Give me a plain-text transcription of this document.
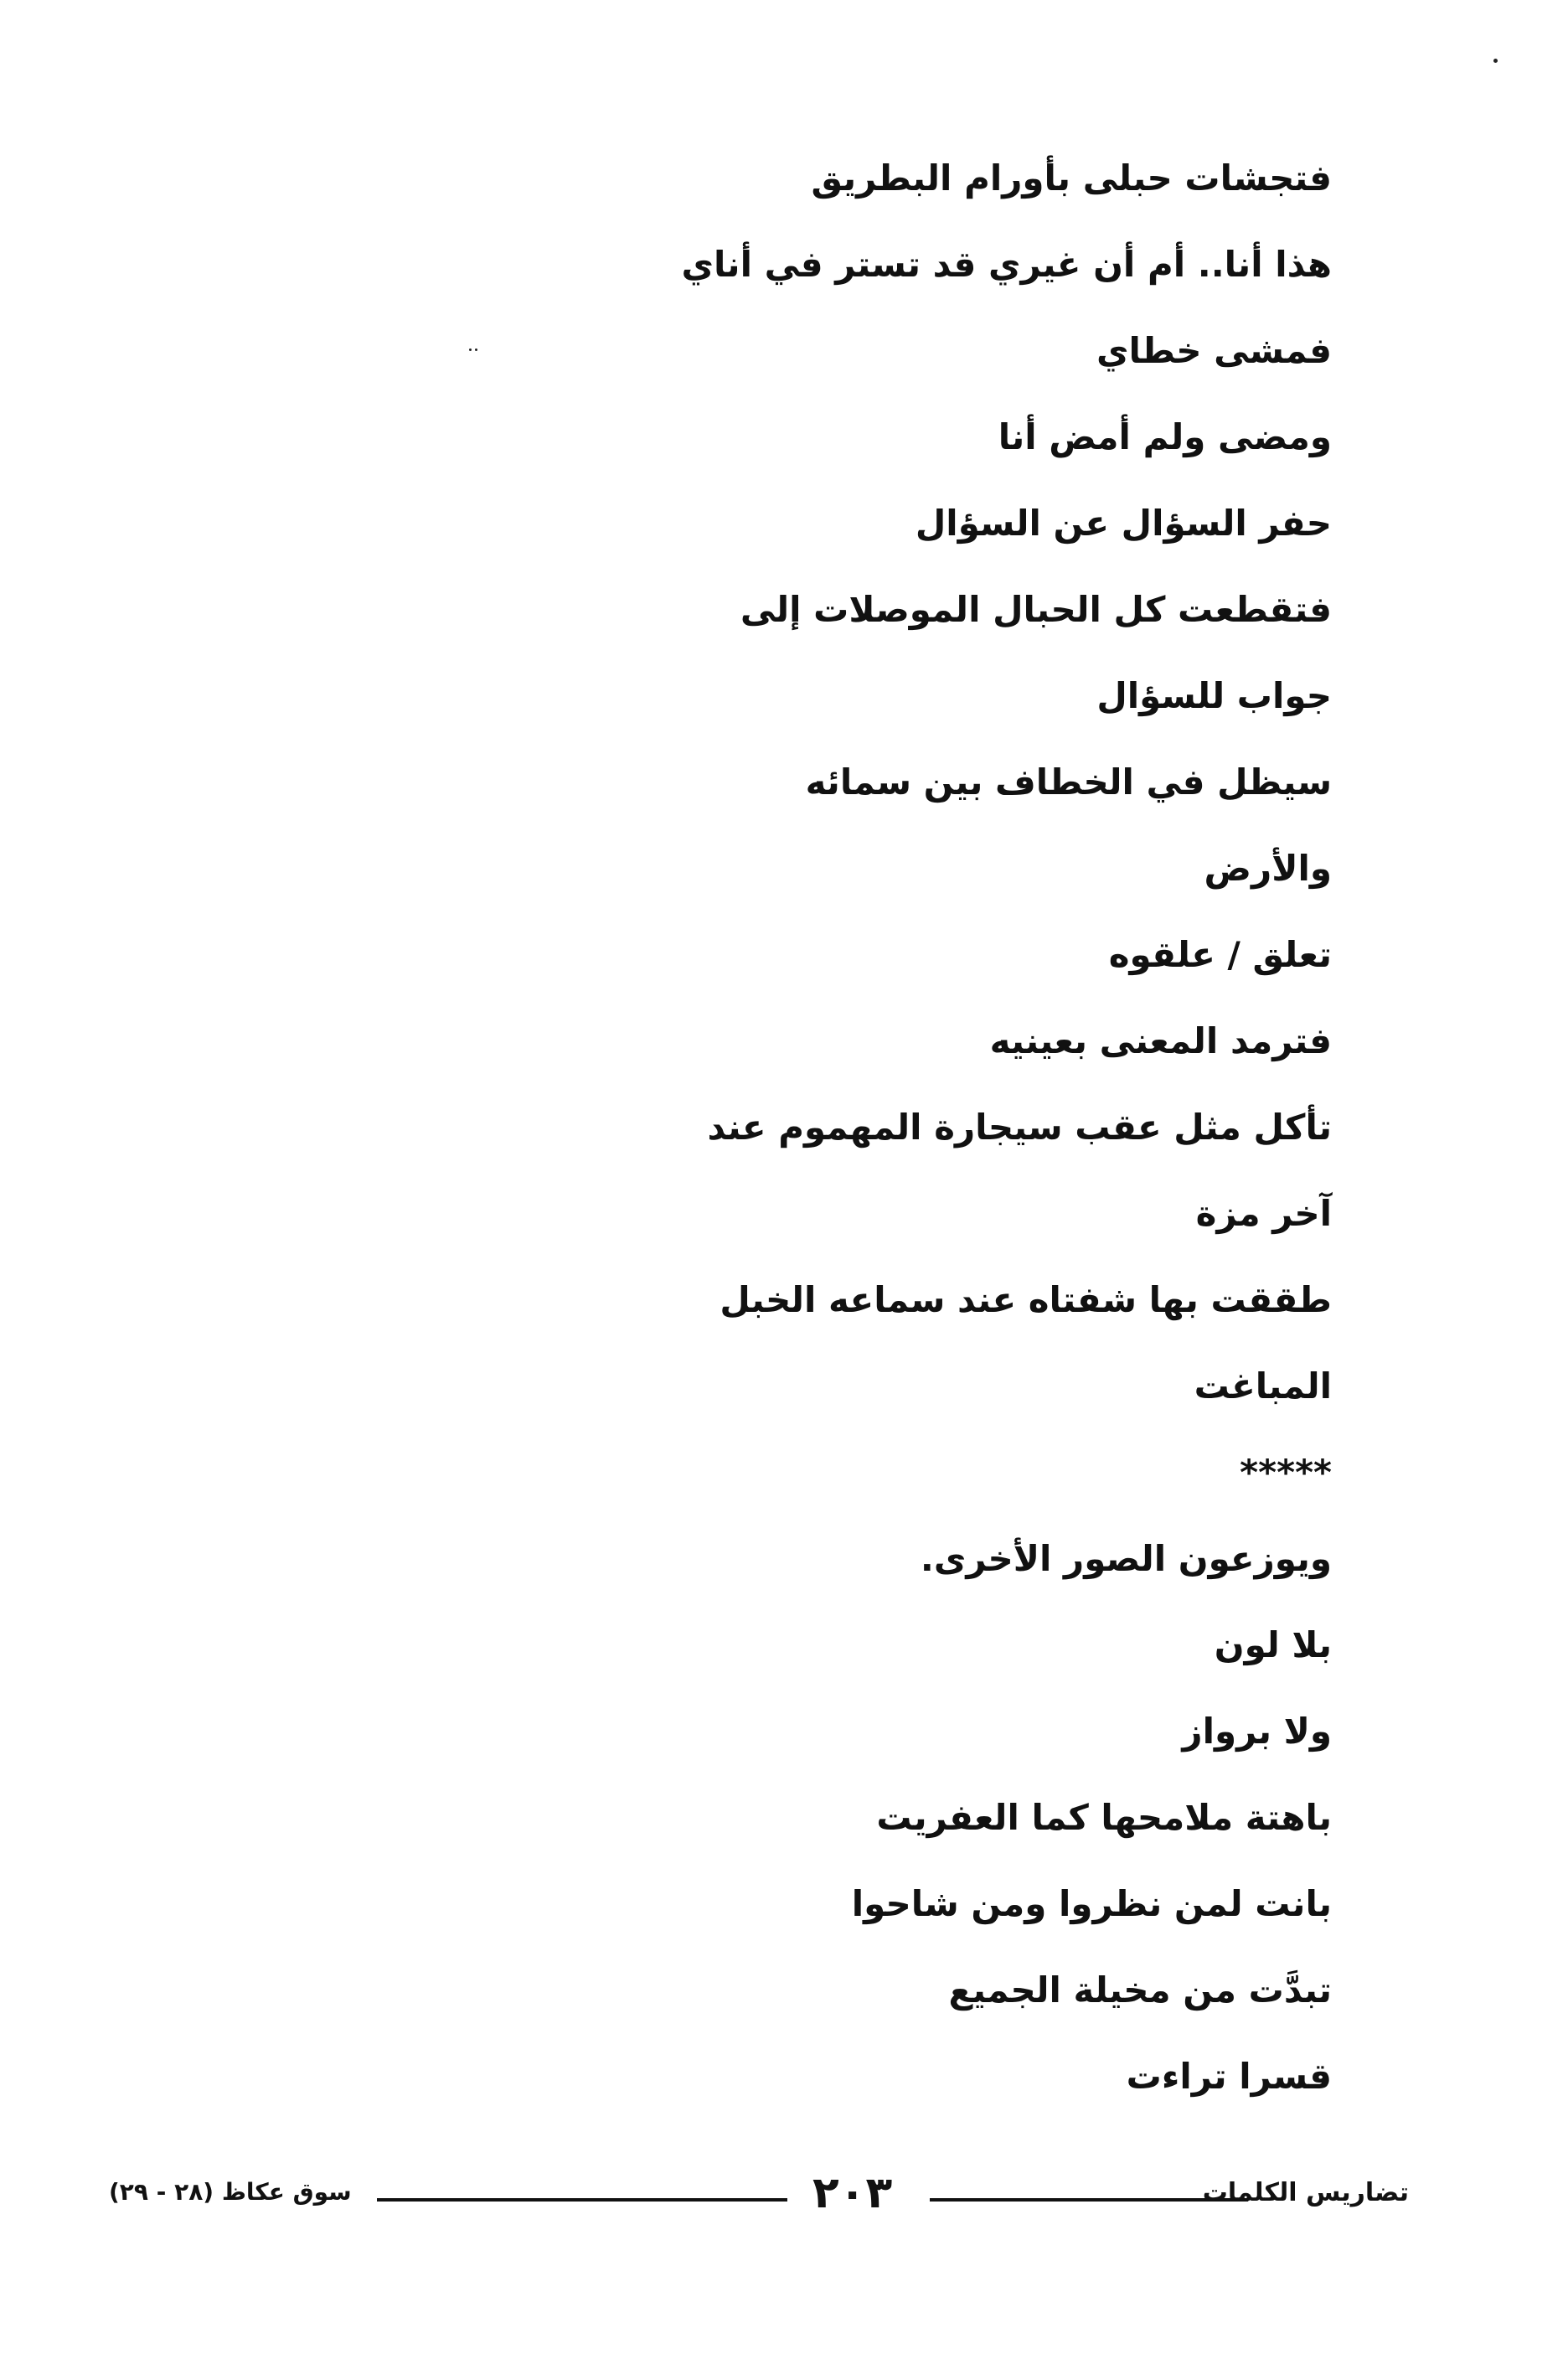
فتجشات حبلى بأورام البطريق
هذا أنا.. أم أن غيري قد تستر في أناي
فمشى خطاي
ومضى ولم أمض أنا
حفر السؤال عن السؤال
فتقطعت كل الحبال الموصلات إلى
جواب للسؤال
سيظل في الخطاف بين سمائه
والأرض
تعلق / علقوه
فترمد المعنى بعينيه
تأكل مثل عقب سيجارة المهموم عند
آخر مزة
طققت بها شفتاه عند سماعه الخبل
المباغت
*****
ويوزعون الصور الأخرى.
بلا لون
ولا برواز
باهتة ملامحها كما العفريت
بانت لمن نظروا ومن شاحوا
تبدَّت من مخيلة الجميع
قسرا تراءت
سوق عكاظ (٢٨ - ٢٩)	٢٠٣	تضاريس الكلمات
